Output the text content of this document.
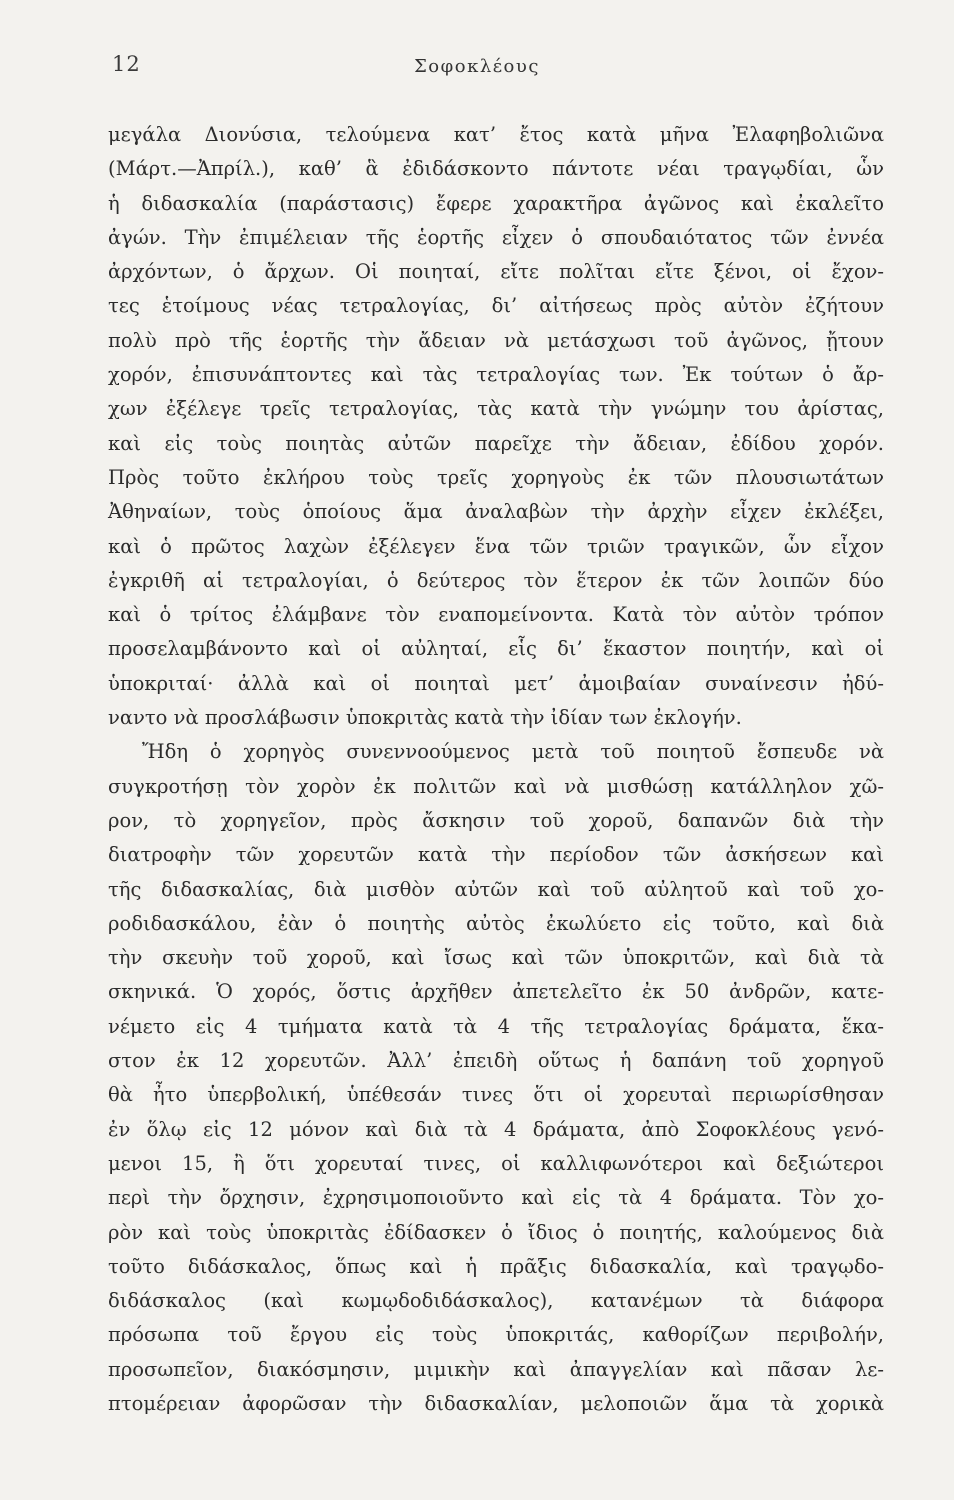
12	Σοφοκλέους
μεγάλα Διονύσια, τελούμενα κατ’ ἔτος κατὰ μῆνα Ἐλαφηβολιῶνα
(Μάρτ.—Ἀπρίλ.), καθ’ ἃ ἐδιδάσκοντο πάντοτε νέαι τραγῳδίαι, ὧν
ἡ διδασκαλία (παράστασις) ἔφερε χαρακτῆρα ἀγῶνος καὶ ἐκαλεῖτο
ἀγών. Τὴν ἐπιμέλειαν τῆς ἑορτῆς εἶχεν ὁ σπουδαιότατος τῶν ἐννέα
ἀρχόντων, ὁ ἄρχων. Οἱ ποιηταί, εἴτε πολῖται εἴτε ξένοι, οἱ ἔχον-
τες ἑτοίμους νέας τετραλογίας, δι’ αἰτήσεως πρὸς αὐτὸν ἐζήτουν
πολὺ πρὸ τῆς ἑορτῆς τὴν ἄδειαν νὰ μετάσχωσι τοῦ ἀγῶνος, ᾔτουν
χορόν, ἐπισυνάπτοντες καὶ τὰς τετραλογίας των. Ἐκ τούτων ὁ ἄρ-
χων ἐξέλεγε τρεῖς τετραλογίας, τὰς κατὰ τὴν γνώμην του ἀρίστας,
καὶ εἰς τοὺς ποιητὰς αὐτῶν παρεῖχε τὴν ἄδειαν, ἐδίδου χορόν.
Πρὸς τοῦτο ἐκλήρου τοὺς τρεῖς χορηγοὺς ἐκ τῶν πλουσιωτάτων
Ἀθηναίων, τοὺς ὁποίους ἅμα ἀναλαβὼν τὴν ἀρχὴν εἶχεν ἐκλέξει,
καὶ ὁ πρῶτος λαχὼν ἐξέλεγεν ἕνα τῶν τριῶν τραγικῶν, ὧν εἶχον
ἐγκριθῆ αἱ τετραλογίαι, ὁ δεύτερος τὸν ἕτερον ἐκ τῶν λοιπῶν δύο
καὶ ὁ τρίτος ἐλάμβανε τὸν εναπομείνοντα. Κατὰ τὸν αὐτὸν τρόπον
προσελαμβάνοντο καὶ οἱ αὐληταί, εἷς δι’ ἕκαστον ποιητήν, καὶ οἱ
ὑποκριταί· ἀλλὰ καὶ οἱ ποιηταὶ μετ’ ἀμοιβαίαν συναίνεσιν ἠδύ-
ναντο νὰ προσλάβωσιν ὑποκριτὰς κατὰ τὴν ἰδίαν των ἐκλογήν.
Ἤδη ὁ χορηγὸς συνεννοούμενος μετὰ τοῦ ποιητοῦ ἔσπευδε νὰ
συγκροτήσῃ τὸν χορὸν ἐκ πολιτῶν καὶ νὰ μισθώσῃ κατάλληλον χῶ-
ρον, τὸ χορηγεῖον, πρὸς ἄσκησιν τοῦ χοροῦ, δαπανῶν διὰ τὴν
διατροφὴν τῶν χορευτῶν κατὰ τὴν περίοδον τῶν ἀσκήσεων καὶ
τῆς διδασκαλίας, διὰ μισθὸν αὐτῶν καὶ τοῦ αὐλητοῦ καὶ τοῦ χο-
ροδιδασκάλου, ἐὰν ὁ ποιητὴς αὐτὸς ἐκωλύετο εἰς τοῦτο, καὶ διὰ
τὴν σκευὴν τοῦ χοροῦ, καὶ ἴσως καὶ τῶν ὑποκριτῶν, καὶ διὰ τὰ
σκηνικά. Ὁ χορός, ὅστις ἀρχῆθεν ἀπετελεῖτο ἐκ 50 ἀνδρῶν, κατε-
νέμετο εἰς 4 τμήματα κατὰ τὰ 4 τῆς τετραλογίας δράματα, ἕκα-
στον ἐκ 12 χορευτῶν. Ἀλλ’ ἐπειδὴ οὕτως ἡ δαπάνη τοῦ χορηγοῦ
θὰ ἦτο ὑπερβολική, ὑπέθεσάν τινες ὅτι οἱ χορευταὶ περιωρίσθησαν
ἐν ὅλῳ εἰς 12 μόνον καὶ διὰ τὰ 4 δράματα, ἀπὸ Σοφοκλέους γενό-
μενοι 15, ἢ ὅτι χορευταί τινες, οἱ καλλιφωνότεροι καὶ δεξιώτεροι
περὶ τὴν ὄρχησιν, ἐχρησιμοποιοῦντο καὶ εἰς τὰ 4 δράματα. Τὸν χο-
ρὸν καὶ τοὺς ὑποκριτὰς ἐδίδασκεν ὁ ἴδιος ὁ ποιητής, καλούμενος διὰ
τοῦτο διδάσκαλος, ὅπως καὶ ἡ πρᾶξις διδασκαλία, καὶ τραγῳδο-
διδάσκαλος (καὶ κωμῳδοδιδάσκαλος), κατανέμων τὰ διάφορα
πρόσωπα τοῦ ἔργου εἰς τοὺς ὑποκριτάς, καθορίζων περιβολήν,
προσωπεῖον, διακόσμησιν, μιμικὴν καὶ ἀπαγγελίαν καὶ πᾶσαν λε-
πτομέρειαν ἀφορῶσαν τὴν διδασκαλίαν, μελοποιῶν ἅμα τὰ χορικὰ
